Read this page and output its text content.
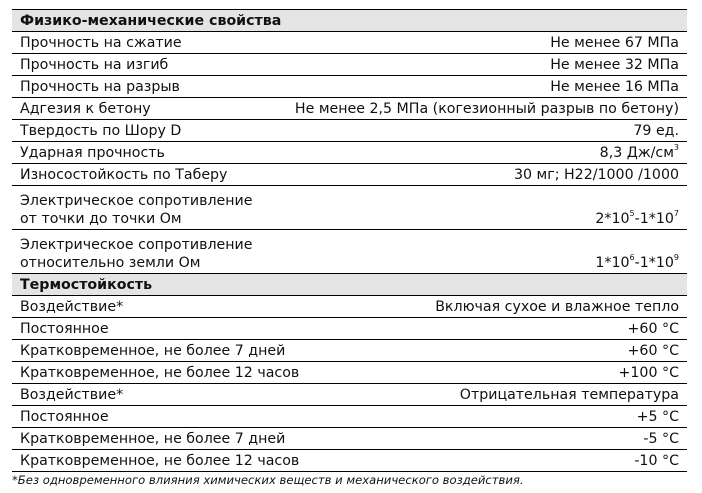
Физико-механические свойства
Прочность на сжатие	Не менее 67 МПа
Прочность на изгиб	Не менее 32 МПа
Прочность на разрыв	Не менее 16 МПа
Адгезия к бетону	Не менее 2,5 МПа (когезионный разрыв по бетону)
Твердость по Шору D	79 ед.
Ударная прочность	8,3 $Дж/см^3$
Износостойкость по Таберу	30 мг; H22/1000 /1000
Электрическое сопротивление
от точки до точки Ом	$2*10^5-1*10^7$
Электрическое сопротивление
относительно земли Ом	$1*10^6-1*10^9$
Термостойкость
Воздействие*	Включая сухое и влажное тепло
Постоянное	+60 °C
Кратковременное, не более 7 дней	+60 °C
Кратковременное, не более 12 часов	+100 °C
Воздействие*	Отрицательная температура
Постоянное	+5 °C
Кратковременное, не более 7 дней	-5 °C
Кратковременное, не более 12 часов	-10 °C
*Без одновременного влияния химических веществ и механического воздействия.
